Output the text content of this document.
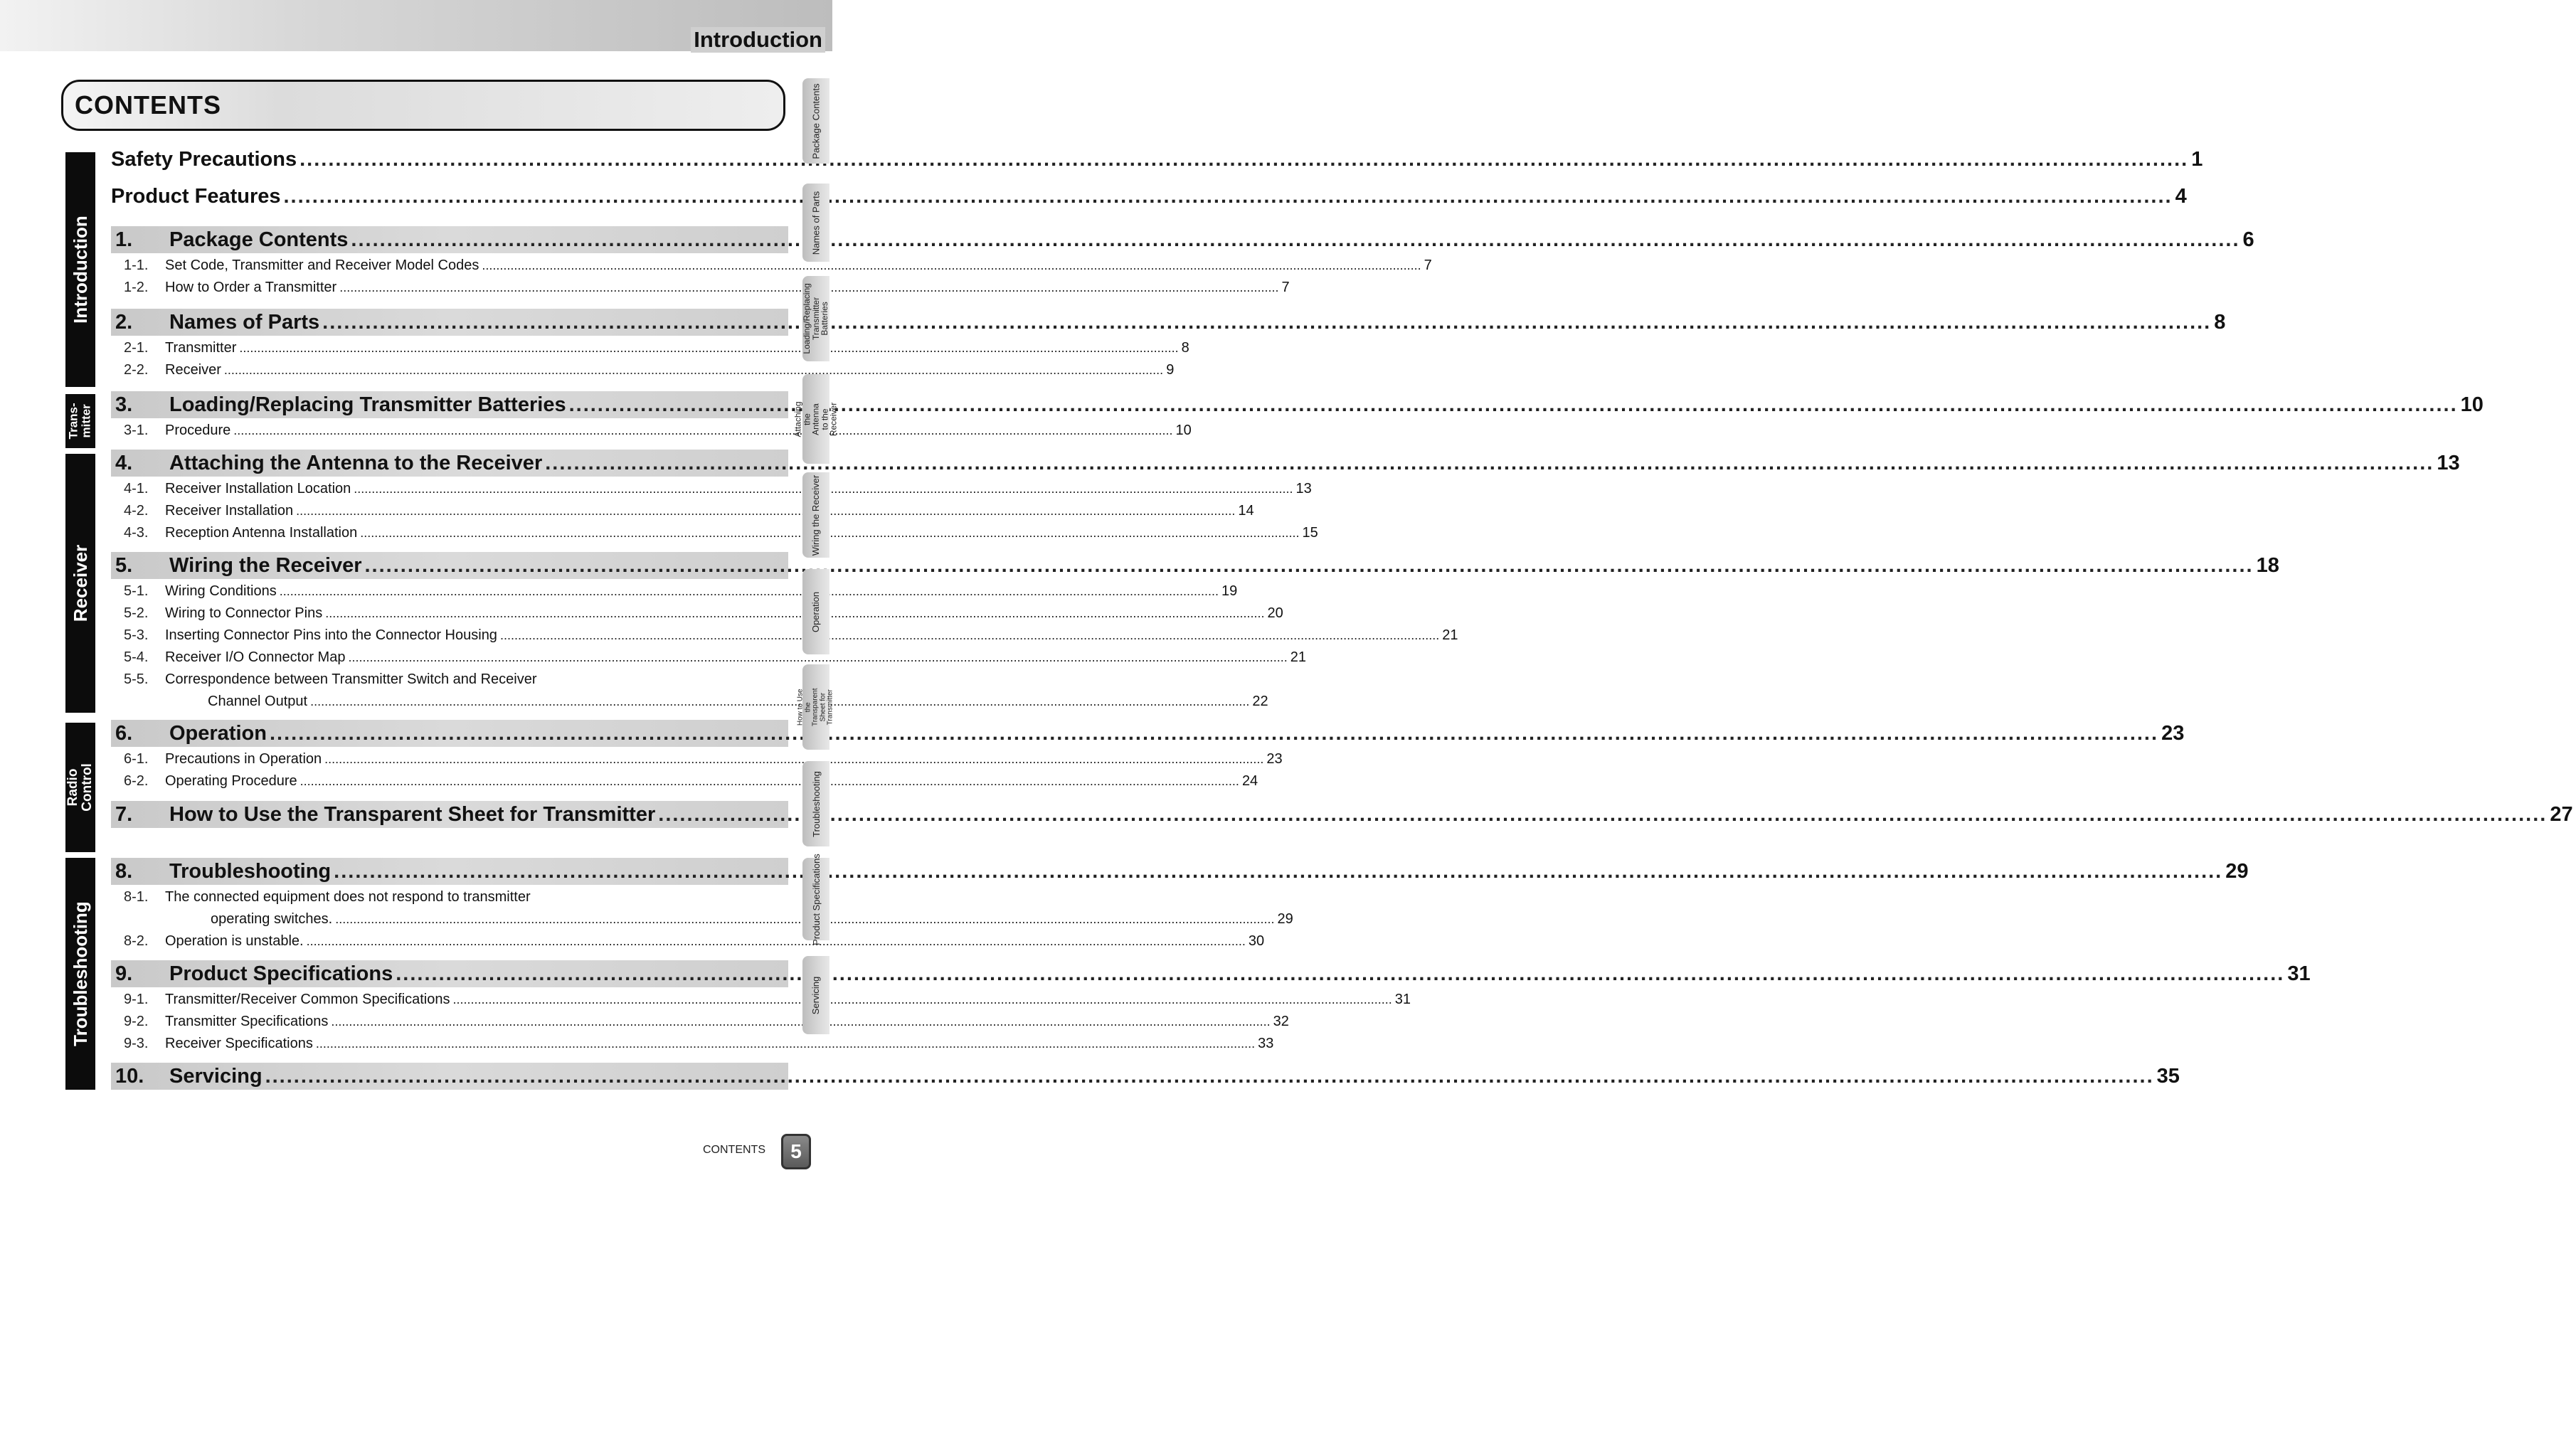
Introduction
CONTENTS
Introduction
Trans-
mitter
Receiver
Radio
Control
Troubleshooting
Safety Precautions .....	1
Product Features .....	4
1.	Package Contents .....	6
1-1.	Set Code, Transmitter and Receiver Model Codes .....	7
1-2.	How to Order a Transmitter .....	7
2.	Names of Parts .....	8
2-1.	Transmitter .....	8
2-2.	Receiver .....	9
3.	Loading/Replacing Transmitter Batteries .....	10
3-1.	Procedure .....	10
4.	Attaching the Antenna to the Receiver .....	13
4-1.	Receiver Installation Location .....	13
4-2.	Receiver Installation .....	14
4-3.	Reception Antenna Installation .....	15
5.	Wiring the Receiver .....	18
5-1.	Wiring Conditions .....	19
5-2.	Wiring to Connector Pins .....	20
5-3.	Inserting Connector Pins into the Connector Housing .....	21
5-4.	Receiver I/O Connector Map .....	21
5-5.	Correspondence between Transmitter Switch and Receiver
Channel Output .....	22
6.	Operation .....	23
6-1.	Precautions in Operation .....	23
6-2.	Operating Procedure .....	24
7.	How to Use the Transparent Sheet for Transmitter .....	27
8.	Troubleshooting .....	29
8-1.	The connected equipment does not respond to transmitter
operating switches. .....	29
8-2.	Operation is unstable. .....	30
9.	Product Specifications .....	31
9-1.	Transmitter/Receiver Common Specifications .....	31
9-2.	Transmitter Specifications .....	32
9-3.	Receiver Specifications .....	33
10.	Servicing .....	35
Package Contents
Names of Parts
Loading/Replacing Transmitter Batteries
Attaching the Antenna to the Receiver
Wiring the Receiver
Operation
How to Use the Transparent Sheet for Transmitter
Troubleshooting
Product Specifications
Servicing
CONTENTS	5
